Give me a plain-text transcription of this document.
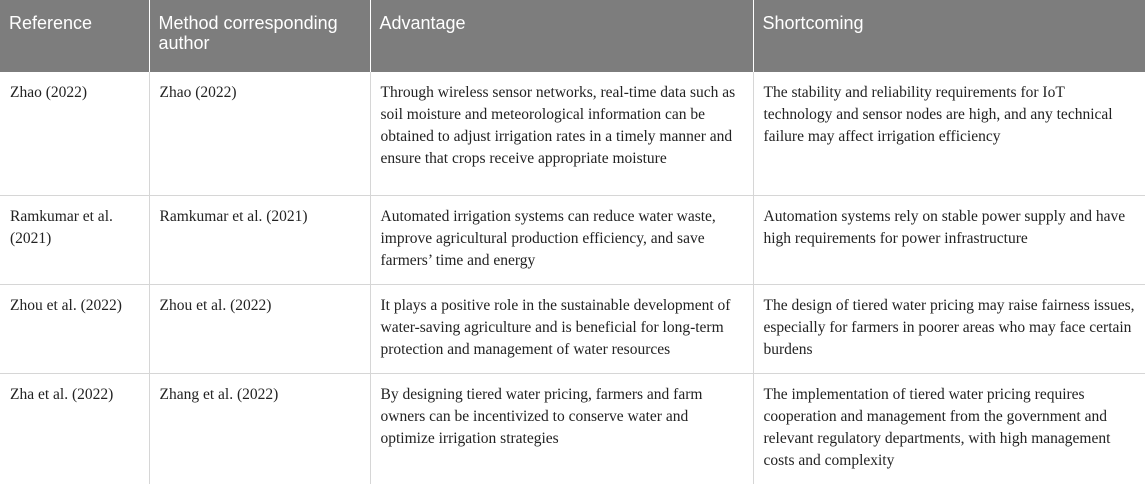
Reference	Method corresponding author	Advantage	Shortcoming
Zhao (2022)	Zhao (2022)	Through wireless sensor networks, real-time data such as soil moisture and meteorological information can be obtained to adjust irrigation rates in a timely manner and ensure that crops receive appropriate moisture	The stability and reliability requirements for IoT technology and sensor nodes are high, and any technical failure may affect irrigation efficiency
Ramkumar et al. (2021)	Ramkumar et al. (2021)	Automated irrigation systems can reduce water waste, improve agricultural production efficiency, and save farmers’ time and energy	Automation systems rely on stable power supply and have high requirements for power infrastructure
Zhou et al. (2022)	Zhou et al. (2022)	It plays a positive role in the sustainable development of water-saving agriculture and is beneficial for long-term protection and management of water resources	The design of tiered water pricing may raise fairness issues, especially for farmers in poorer areas who may face certain burdens
Zha et al. (2022)	Zhang et al. (2022)	By designing tiered water pricing, farmers and farm owners can be incentivized to conserve water and optimize irrigation strategies	The implementation of tiered water pricing requires cooperation and management from the government and relevant regulatory departments, with high management costs and complexity
